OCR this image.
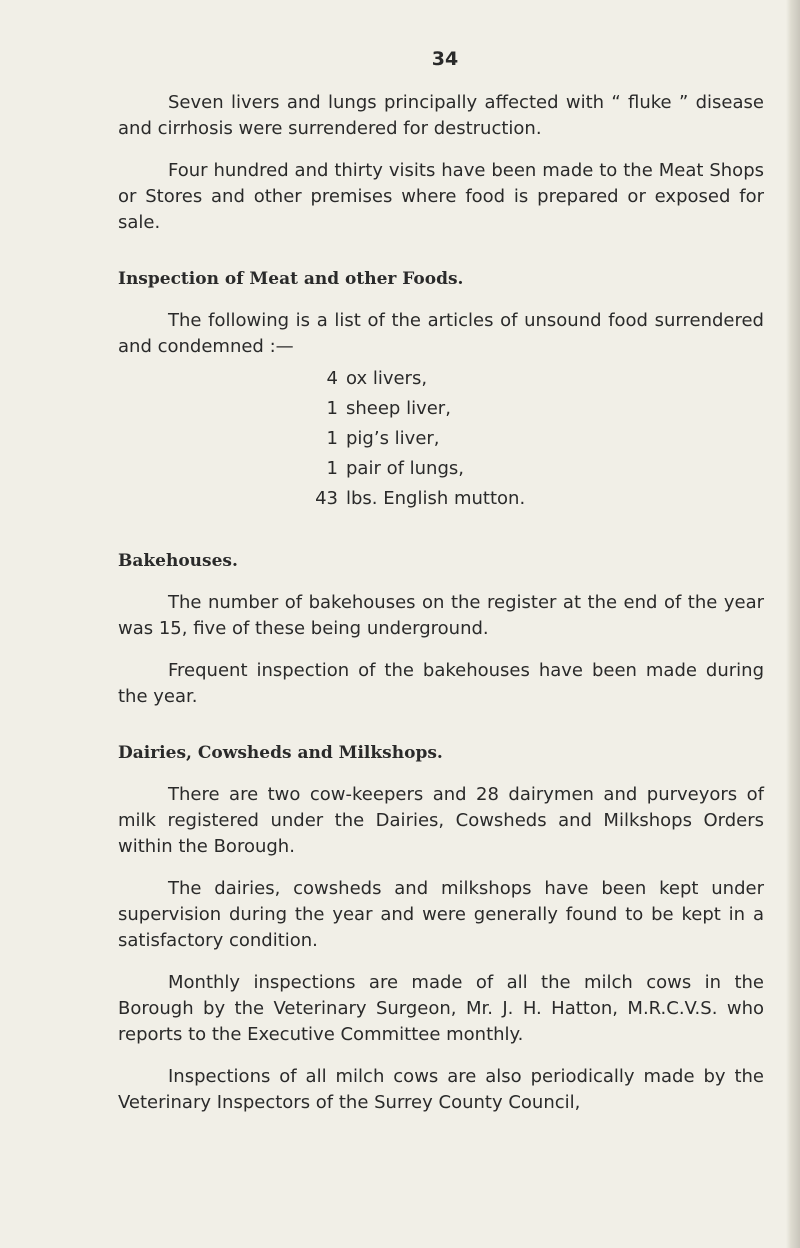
34

Seven livers and lungs principally affected with “ fluke ” disease and cirrhosis were surrendered for destruction.

Four hundred and thirty visits have been made to the Meat Shops or Stores and other premises where food is prepared or exposed for sale.

Inspection of Meat and other Foods.

The following is a list of the articles of unsound food surrendered and condemned :—

4 ox livers,
1 sheep liver,
1 pig’s liver,
1 pair of lungs,
43 lbs. English mutton.
Bakehouses.

The number of bakehouses on the register at the end of the year was 15, five of these being underground.

Frequent inspection of the bakehouses have been made during the year.

Dairies, Cowsheds and Milkshops.

There are two cow-keepers and 28 dairymen and purveyors of milk registered under the Dairies, Cowsheds and Milkshops Orders within the Borough.

The dairies, cowsheds and milkshops have been kept under supervision during the year and were generally found to be kept in a satisfactory condition.

Monthly inspections are made of all the milch cows in the Borough by the Veterinary Surgeon, Mr. J. H. Hatton, M.R.C.V.S. who reports to the Executive Committee monthly.

Inspections of all milch cows are also periodically made by the Veterinary Inspectors of the Surrey County Council,
